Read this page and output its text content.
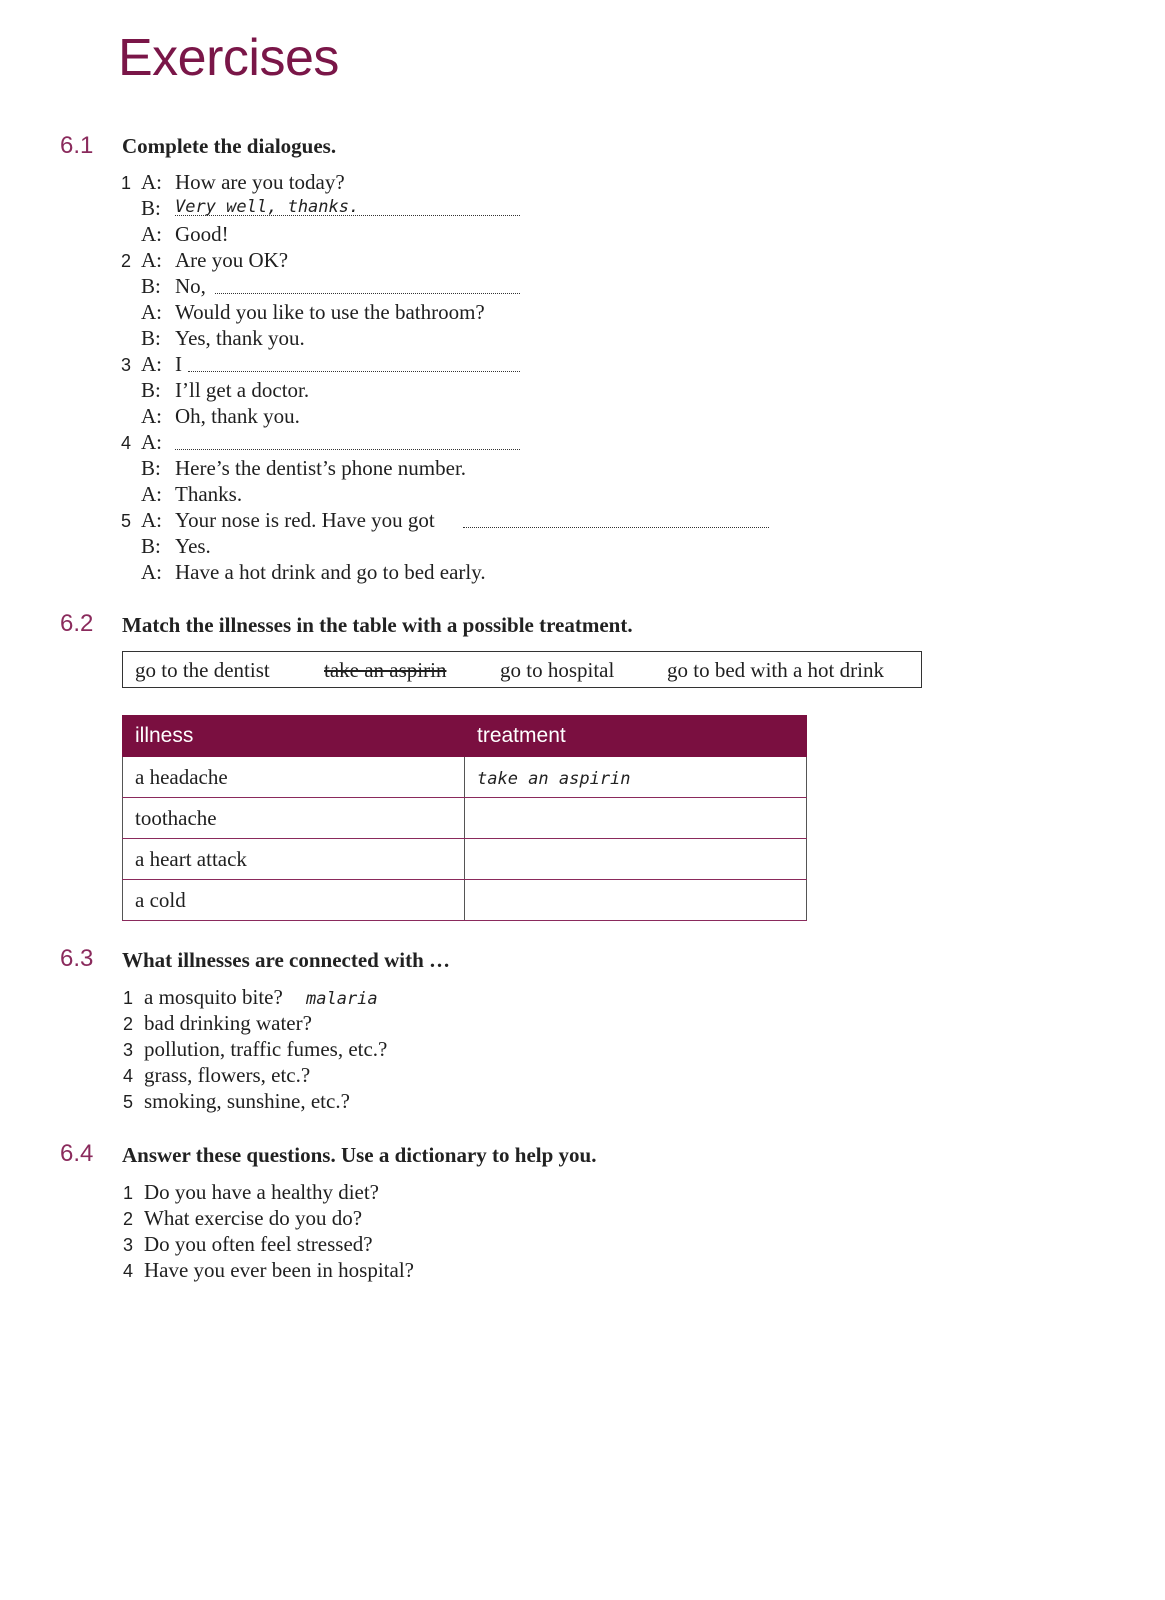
Exercises
6.1 Complete the dialogues.
1 A: How are you today?
B: Very well, thanks.
A: Good!
2 A: Are you OK?
B: No,
A: Would you like to use the bathroom?
B: Yes, thank you.
3 A: I
B: I’ll get a doctor.
A: Oh, thank you.
4 A:
B: Here’s the dentist’s phone number.
A: Thanks.
5 A: Your nose is red. Have you got
B: Yes.
A: Have a hot drink and go to bed early.
6.2 Match the illnesses in the table with a possible treatment.
go to the dentist	take an aspirin	go to hospital	go to bed with a hot drink
illness	treatment
a headache	take an aspirin
toothache	
a heart attack	
a cold	
6.3 What illnesses are connected with …
1 a mosquito bite? malaria
2 bad drinking water?
3 pollution, traffic fumes, etc.?
4 grass, flowers, etc.?
5 smoking, sunshine, etc.?
6.4 Answer these questions. Use a dictionary to help you.
1 Do you have a healthy diet?
2 What exercise do you do?
3 Do you often feel stressed?
4 Have you ever been in hospital?
